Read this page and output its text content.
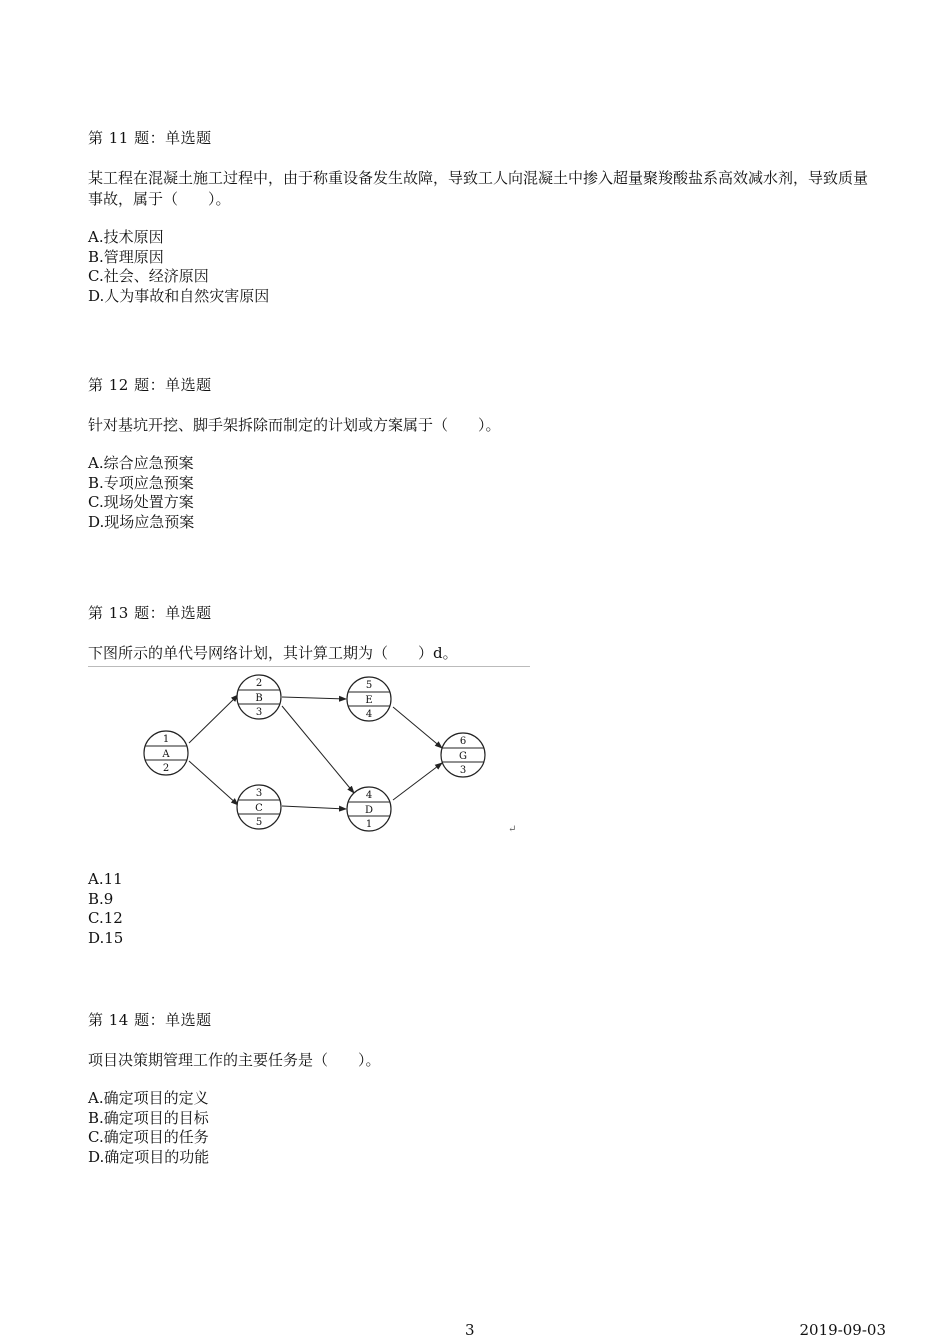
第 11 题：单选题
某工程在混凝土施工过程中，由于称重设备发生故障，导致工人向混凝土中掺入超量聚羧酸盐系高效减水剂，导致质量事故，属于（　　）。
A.技术原因
B.管理原因
C.社会、经济原因
D.人为事故和自然灾害原因
第 12 题：单选题
针对基坑开挖、脚手架拆除而制定的计划或方案属于（　　）。
A.综合应急预案
B.专项应急预案
C.现场处置方案
D.现场应急预案
第 13 题：单选题
下图所示的单代号网络计划，其计算工期为（　　）d。
1
A
2
2
B
3
3
C
5
4
D
1
5
E
4
6
G
3
↵
A.11
B.9
C.12
D.15
第 14 题：单选题
项目决策期管理工作的主要任务是（　　）。
A.确定项目的定义
B.确定项目的目标
C.确定项目的任务
D.确定项目的功能
3	2019-09-03
